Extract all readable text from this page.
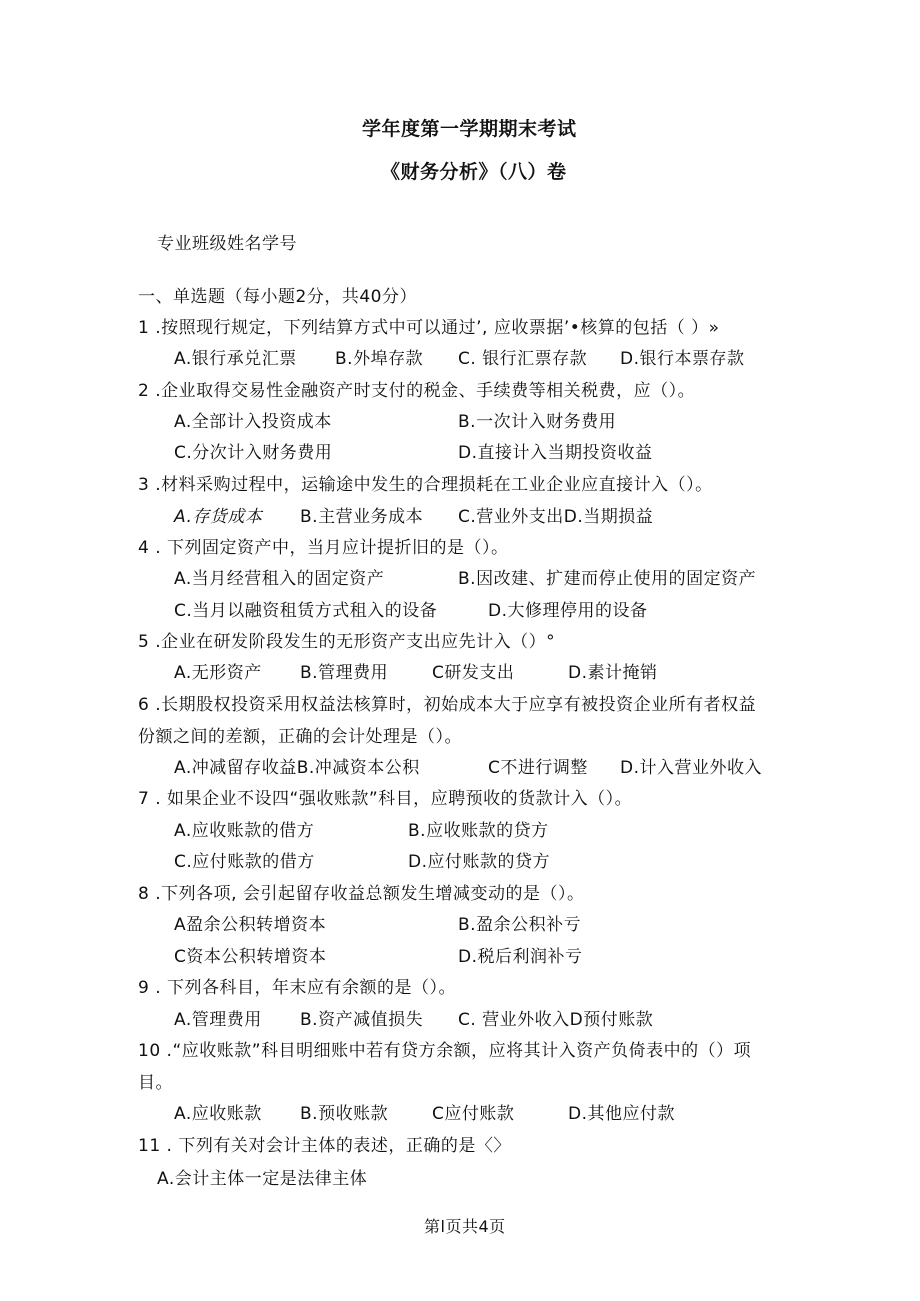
学年度第一学期期末考试
《财务分析》（八）卷
专业班级姓名学号
一、单选题（每小题2分，共40分）
1 .按照现行规定，下列结算方式中可以通过’, 应收票据’•核算的包括（ ）»
A.银行承兑汇票 B.外埠存款 C. 银行汇票存款 D.银行本票存款
2 .企业取得交易性金融资产时支付的税金、手续费等相关税费，应（）。
A.全部计入投资成本	B.一次计入财务费用
C.分次计入财务费用	D.直接计入当期投资收益
3 .材料采购过程中，运输途中发生的合理损耗在工业企业应直接计入（）。
A.存货成本 B.主营业务成本 C.营业外支出D.当期损益
4 . 下列固定资产中，当月应计提折旧的是（）。
A.当月经营租入的固定资产	B.因改建、扩建而停止使用的固定资产
C.当月以融资租赁方式租入的设备	D.大修理停用的设备
5 .企业在研发阶段发生的无形资产支出应先计入（）°
A.无形资产 B.管理费用	C研发支出	D.素计掩销
6 .长期股权投资采用权益法核算时，初始成本大于应享有被投资企业所有者权益
份额之间的差额，正确的会计处理是（）。
A.冲减留存收益B.冲减资本公积	C不进行调整 D.计入营业外收入
7 . 如果企业不设四“强收账款”科目，应聘预收的货款计入（）。
A.应收账款的借方	B.应收账款的贷方
C.应付账款的借方	D.应付账款的贷方
8 .下列各项, 会引起留存收益总额发生增减变动的是（）。
A盈余公积转增资本	B.盈余公积补亏
C资本公积转增资本	D.税后利润补亏
9 . 下列各科目，年末应有余额的是（）。
A.管理费用 B.资产减值损失 C. 营业外收入D预付账款
10 .“应收账款”科目明细账中若有贷方余额，应将其计入资产负倚表中的（）项
目。
A.应收账款 B.预收账款	C应付账款	D.其他应付款
11 . 下列有关对会计主体的表述，正确的是〈〉
A.会计主体一定是法律主体
第l页共4页
